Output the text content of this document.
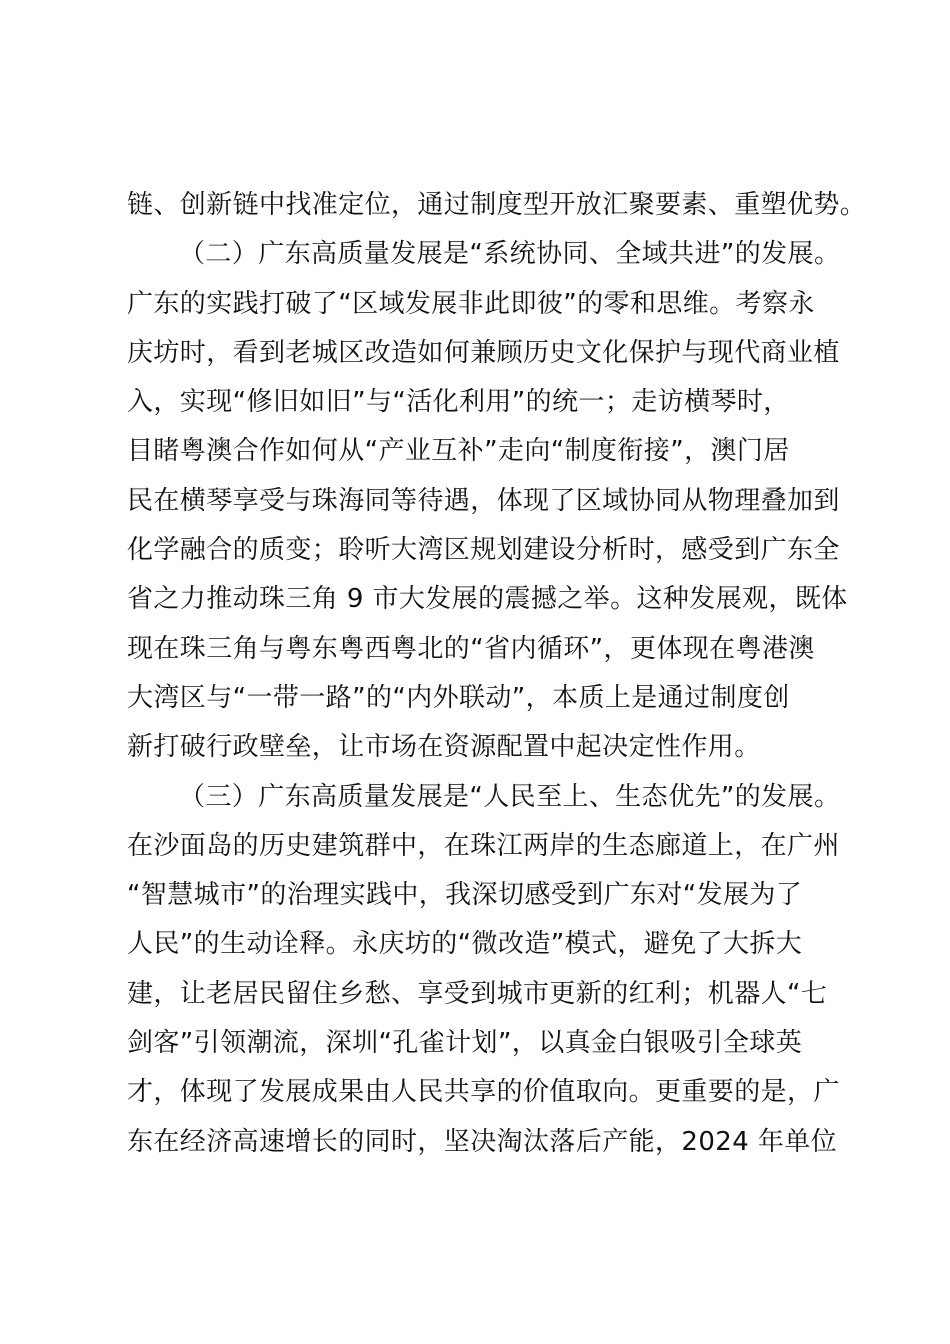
链、创新链中找准定位，通过制度型开放汇聚要素、重塑优势。
（二）广东高质量发展是“系统协同、全域共进”的发展。
广东的实践打破了“区域发展非此即彼”的零和思维。考察永
庆坊时，看到老城区改造如何兼顾历史文化保护与现代商业植
入，实现“修旧如旧”与“活化利用”的统一；走访横琴时，
目睹粤澳合作如何从“产业互补”走向“制度衔接”，澳门居
民在横琴享受与珠海同等待遇，体现了区域协同从物理叠加到
化学融合的质变；聆听大湾区规划建设分析时，感受到广东全
省之力推动珠三角 9 市大发展的震撼之举。这种发展观，既体
现在珠三角与粤东粤西粤北的“省内循环”，更体现在粤港澳
大湾区与“一带一路”的“内外联动”，本质上是通过制度创
新打破行政壁垒，让市场在资源配置中起决定性作用。
（三）广东高质量发展是“人民至上、生态优先”的发展。
在沙面岛的历史建筑群中，在珠江两岸的生态廊道上，在广州
“智慧城市”的治理实践中，我深切感受到广东对“发展为了
人民”的生动诠释。永庆坊的“微改造”模式，避免了大拆大
建，让老居民留住乡愁、享受到城市更新的红利；机器人“七
剑客”引领潮流，深圳“孔雀计划”，以真金白银吸引全球英
才，体现了发展成果由人民共享的价值取向。更重要的是，广
东在经济高速增长的同时，坚决淘汰落后产能，2024 年单位
